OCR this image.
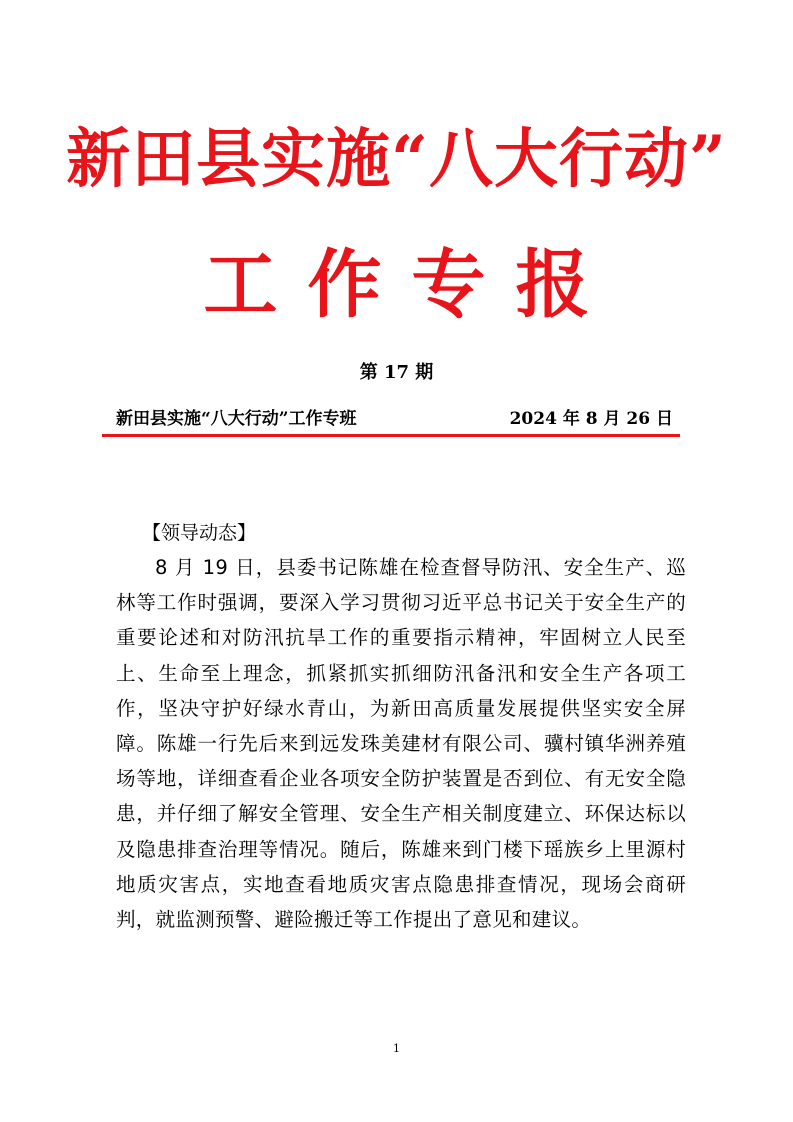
新田县实施“八大行动”
工作专报
第 17 期
新田县实施“八大行动”工作专班	2024 年 8 月 26 日
【领导动态】
8 月 19 日，县委书记陈雄在检查督导防汛、安全生产、巡林等工作时强调，要深入学习贯彻习近平总书记关于安全生产的重要论述和对防汛抗旱工作的重要指示精神，牢固树立人民至上、生命至上理念，抓紧抓实抓细防汛备汛和安全生产各项工作，坚决守护好绿水青山，为新田高质量发展提供坚实安全屏障。陈雄一行先后来到远发珠美建材有限公司、骥村镇华洲养殖场等地，详细查看企业各项安全防护装置是否到位、有无安全隐患，并仔细了解安全管理、安全生产相关制度建立、环保达标以及隐患排查治理等情况。随后，陈雄来到门楼下瑶族乡上里源村地质灾害点，实地查看地质灾害点隐患排查情况，现场会商研判，就监测预警、避险搬迁等工作提出了意见和建议。
1
